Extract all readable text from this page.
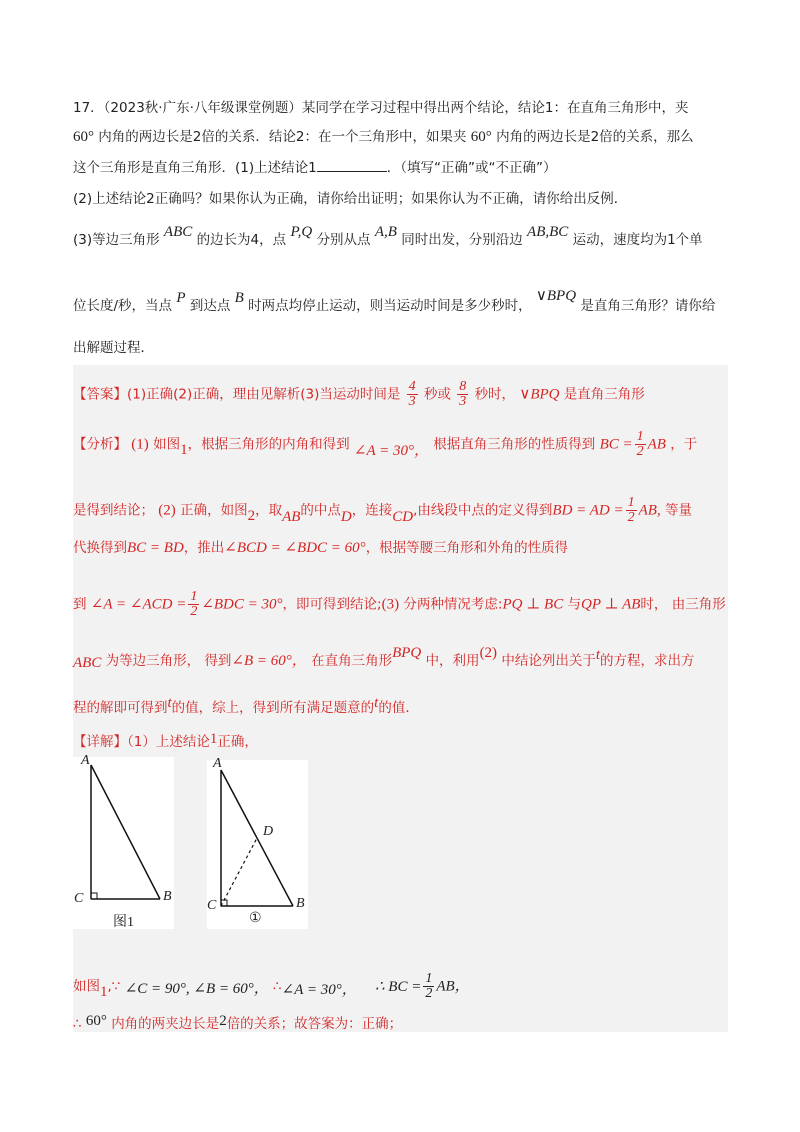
17．（2023秋·广东·八年级课堂例题）某同学在学习过程中得出两个结论，结论1：在直角三角形中，夹
60° 内角的两边长是2倍的关系．结论2：在一个三角形中，如果夹 60° 内角的两边长是2倍的关系，那么
这个三角形是直角三角形．(1)上述结论1	．（填写“正确”或“不正确”）
(2)上述结论2正确吗？如果你认为正确，请你给出证明；如果你认为不正确，请你给出反例．
(3)等边三角形 ABC 的边长为4，点 P,Q 分别从点 A,B 同时出发，分别沿边 AB,BC 运动，速度均为1个单
位长度/秒，当点 P 到达点 B 时两点均停止运动，则当运动时间是多少秒时， ∨BPQ 是直角三角形？请你给
出解题过程．
【答案】(1)正确(2)正确，理由见解析(3)当运动时间是 $\frac{4}{3}$ 秒或 $\frac{8}{3}$ 秒时， ∨BPQ 是直角三角形
【分析】 (1) 如图1，根据三角形的内角和得到 ∠A = 30°， 根据直角三角形的性质得到 BC = $\frac{1}{2}$ AB ，于
是得到结论； (2) 正确，如图2，取AB的中点D，连接CD,由线段中点的定义得到BD = AD = $\frac{1}{2}$ AB, 等量
代换得到BC = BD，推出∠BCD = ∠BDC = 60°，根据等腰三角形和外角的性质得
到 ∠A = ∠ACD = $\frac{1}{2}$ ∠BDC = 30°，即可得到结论;(3) 分两种情况考虑:PQ ⊥ BC 与QP ⊥ AB时， 由三角形
ABC 为等边三角形， 得到∠B = 60°， 在直角三角形BPQ 中，利用(2) 中结论列出关于t的方程，求出方
程的解即可得到t的值，综上，得到所有满足题意的t的值．
【详解】（1）上述结论1正确，
A
C	B
图1
A
D
C	B
①
如图1,∵ ∠C = 90°, ∠B = 60°， ∴∠A = 30°， ∴ BC = $\frac{1}{2}$ AB，
∴ 60° 内角的两夹边长是2倍的关系；故答案为：正确；
